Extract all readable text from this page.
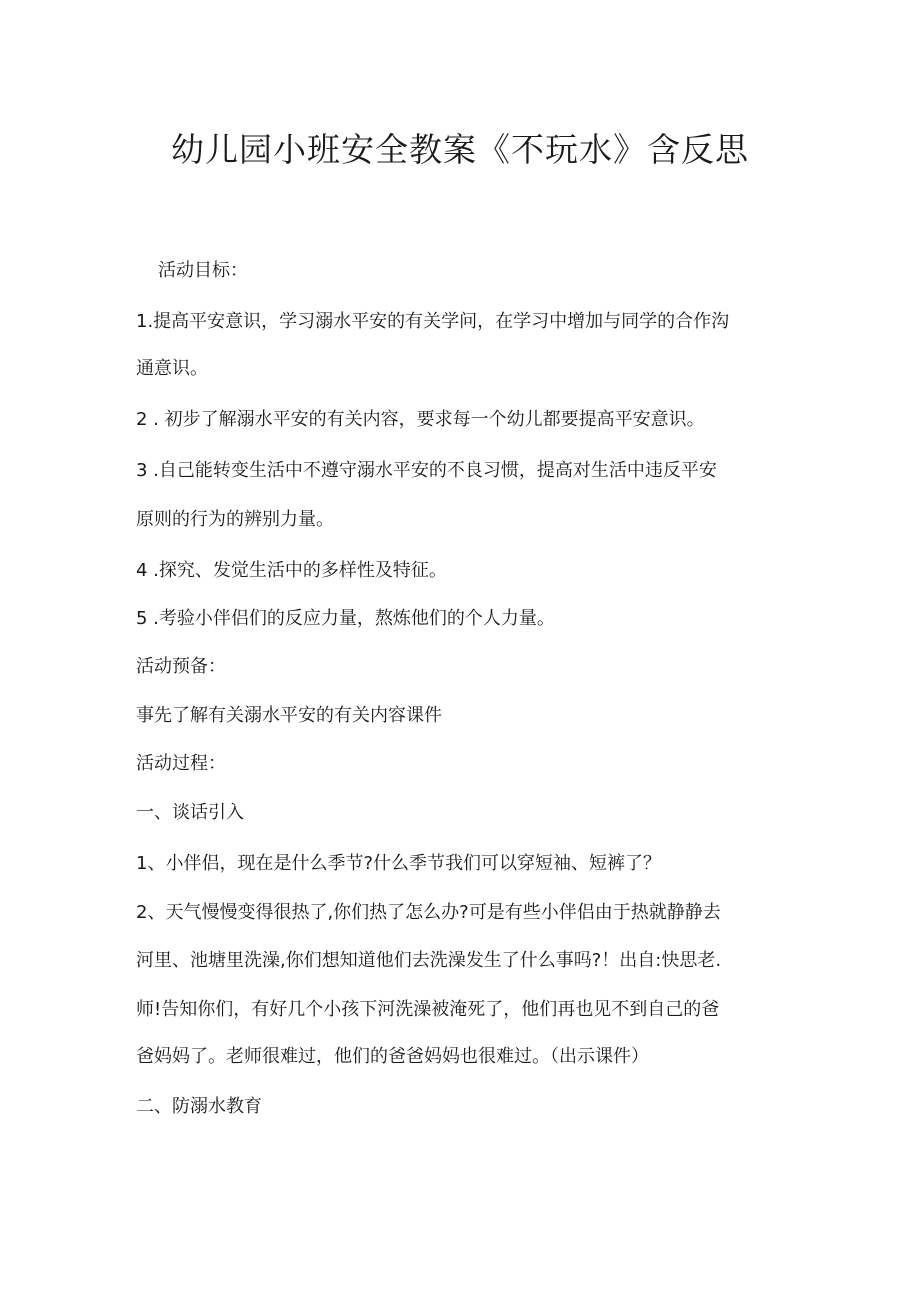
幼儿园小班安全教案《不玩水》含反思

活动目标：

1.提高平安意识，学习溺水平安的有关学问，在学习中增加与同学的合作沟

通意识。

2 . 初步了解溺水平安的有关内容，要求每一个幼儿都要提高平安意识。

3 .自己能转变生活中不遵守溺水平安的不良习惯，提高对生活中违反平安

原则的行为的辨别力量。

4 .探究、发觉生活中的多样性及特征。

5 .考验小伴侣们的反应力量，熬炼他们的个人力量。

活动预备：

事先了解有关溺水平安的有关内容课件

活动过程：

一、谈话引入

1、小伴侣，现在是什么季节?什么季节我们可以穿短袖、短裤了？

2、天气慢慢变得很热了,你们热了怎么办?可是有些小伴侣由于热就静静去

河里、池塘里洗澡,你们想知道他们去洗澡发生了什么事吗?！出自:快思老.

师!告知你们，有好几个小孩下河洗澡被淹死了，他们再也见不到自己的爸

爸妈妈了。老师很难过，他们的爸爸妈妈也很难过。（出示课件）

二、防溺水教育
